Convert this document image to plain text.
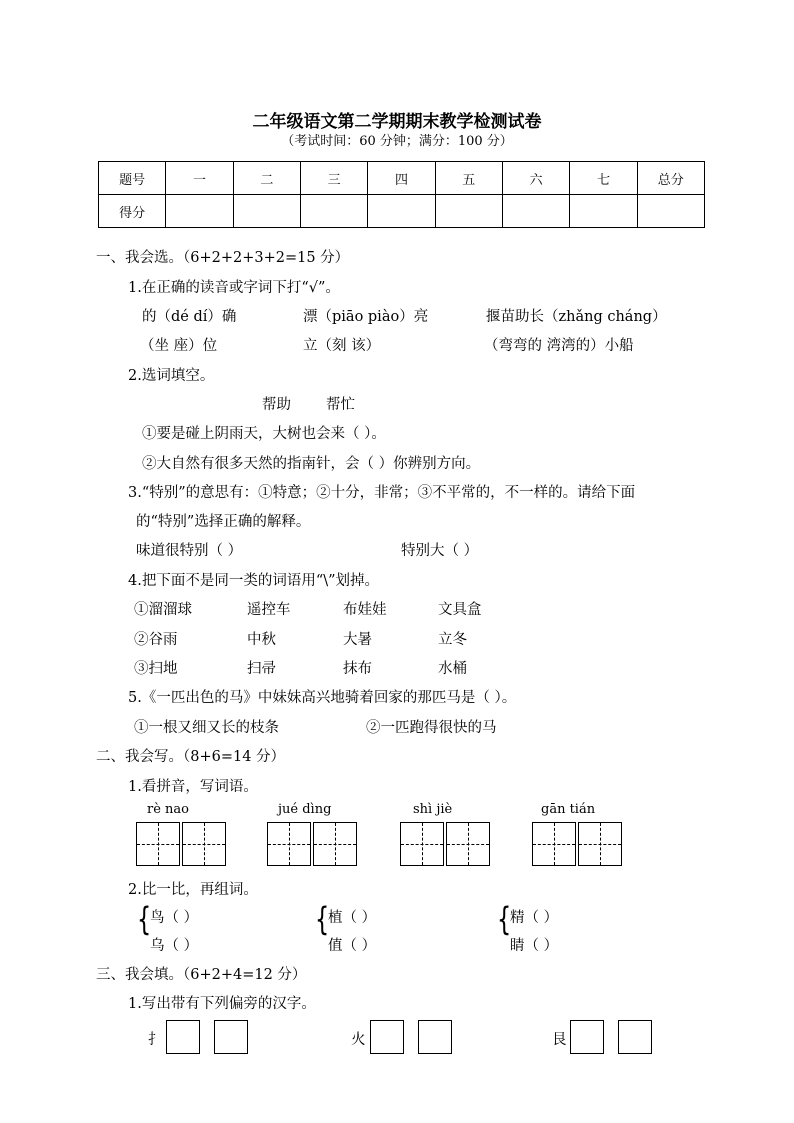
二年级语文第二学期期末教学检测试卷
（考试时间：60 分钟；满分：100 分）
题号	一	二	三	四	五	六	七	总分
得分								
一、我会选。（6+2+2+3+2=15 分）
1.在正确的读音或字词下打“√”。
的（dé dí）确	漂（piāo piào）亮	揠苗助长（zhǎng cháng）
（坐 座）位	立（刻 该）	（弯弯的 湾湾的）小船
2.选词填空。
帮助 帮忙
①要是碰上阴雨天，大树也会来（ ）。
②大自然有很多天然的指南针，会（ ）你辨别方向。
3.“特别”的意思有：①特意；②十分，非常；③不平常的，不一样的。请给下面
的“特别”选择正确的解释。
味道很特别（ ）	特别大（ ）
4.把下面不是同一类的词语用“\”划掉。
①溜溜球	遥控车	布娃娃	文具盒
②谷雨	中秋	大暑	立冬
③扫地	扫帚	抹布	水桶
5.《一匹出色的马》中妹妹高兴地骑着回家的那匹马是（ ）。
①一根又细又长的枝条	②一匹跑得很快的马
二、我会写。（8+6=14 分）
1.看拼音，写词语。
rè nao	jué dìng	shì jiè	gān tián
2.比一比，再组词。
{
鸟（ ）
乌（ ）
{
植（ ）
值（ ）
{
精（ ）
睛（ ）
三、我会填。（6+2+4=12 分）
1.写出带有下列偏旁的汉字。
扌	火	艮
